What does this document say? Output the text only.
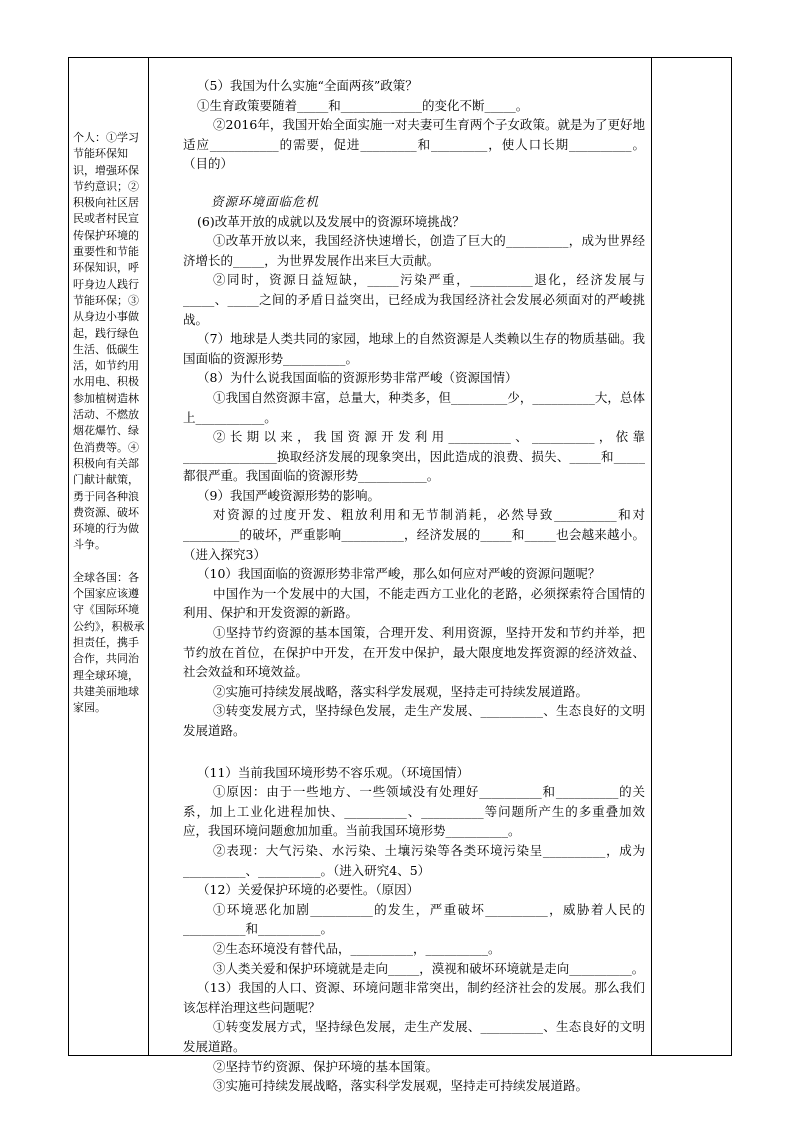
个人：①学习节能环保知识，增强环保节约意识；②积极向社区居民或者村民宣传保护环境的重要性和节能环保知识，呼吁身边人践行节能环保；③从身边小事做起，践行绿色生活、低碳生活，如节约用水用电、积极参加植树造林活动、不燃放烟花爆竹、绿色消费等。④积极向有关部门献计献策，勇于同各种浪费资源、破坏环境的行为做斗争。

全球各国：各个国家应该遵守《国际环境公约》，积极承担责任，携手合作，共同治理全球环境，共建美丽地球家园。

（5）我国为什么实施“全面两孩”政策？

①生育政策要随着_____和_____________的变化不断_____。

②2016年，我国开始全面实施一对夫妻可生育两个子女政策。就是为了更好地适应___________的需要，促进_________和_________，使人口长期__________。（目的）

资源环境面临危机

(6)改革开放的成就以及发展中的资源环境挑战？

①改革开放以来，我国经济快速增长，创造了巨大的__________，成为世界经济增长的_____，为世界发展作出来巨大贡献。

②同时，资源日益短缺，_____污染严重，__________退化，经济发展与_____、_____之间的矛盾日益突出，已经成为我国经济社会发展必须面对的严峻挑战。

（7）地球是人类共同的家园，地球上的自然资源是人类赖以生存的物质基础。我国面临的资源形势__________。

（8）为什么说我国面临的资源形势非常严峻（资源国情）

①我国自然资源丰富，总量大，种类多，但_________少，__________大，总体上___________。

②长期以来，我国资源开发利用__________、__________，依靠_______________换取经济发展的现象突出，因此造成的浪费、损失、_____和_____都很严重。我国面临的资源形势___________。

（9）我国严峻资源形势的影响。

对资源的过度开发、粗放利用和无节制消耗，必然导致__________和对_________的破坏，严重影响__________，经济发展的_____和_____也会越来越小。（进入探究3）

（10）我国面临的资源形势非常严峻，那么如何应对严峻的资源问题呢？

中国作为一个发展中的大国，不能走西方工业化的老路，必须探索符合国情的利用、保护和开发资源的新路。

①坚持节约资源的基本国策，合理开发、利用资源，坚持开发和节约并举，把节约放在首位，在保护中开发，在开发中保护，最大限度地发挥资源的经济效益、社会效益和环境效益。

②实施可持续发展战略，落实科学发展观，坚持走可持续发展道路。

③转变发展方式，坚持绿色发展，走生产发展、__________、生态良好的文明发展道路。

（11）当前我国环境形势不容乐观。（环境国情）

①原因：由于一些地方、一些领域没有处理好__________和__________的关系，加上工业化进程加快、__________、__________等问题所产生的多重叠加效应，我国环境问题愈加加重。当前我国环境形势__________。

②表现：大气污染、水污染、土壤污染等各类环境污染呈__________，成为__________、__________。（进入研究4、5）

（12）关爱保护环境的必要性。（原因）

①环境恶化加剧__________的发生，严重破坏__________，威胁着人民的__________和__________。

②生态环境没有替代品，__________，__________。

③人类关爱和保护环境就是走向_____，漠视和破坏环境就是走向__________。

（13）我国的人口、资源、环境问题非常突出，制约经济社会的发展。那么我们该怎样治理这些问题呢？

①转变发展方式，坚持绿色发展，走生产发展、__________、生态良好的文明发展道路。

②坚持节约资源、保护环境的基本国策。

③实施可持续发展战略，落实科学发展观，坚持走可持续发展道路。
